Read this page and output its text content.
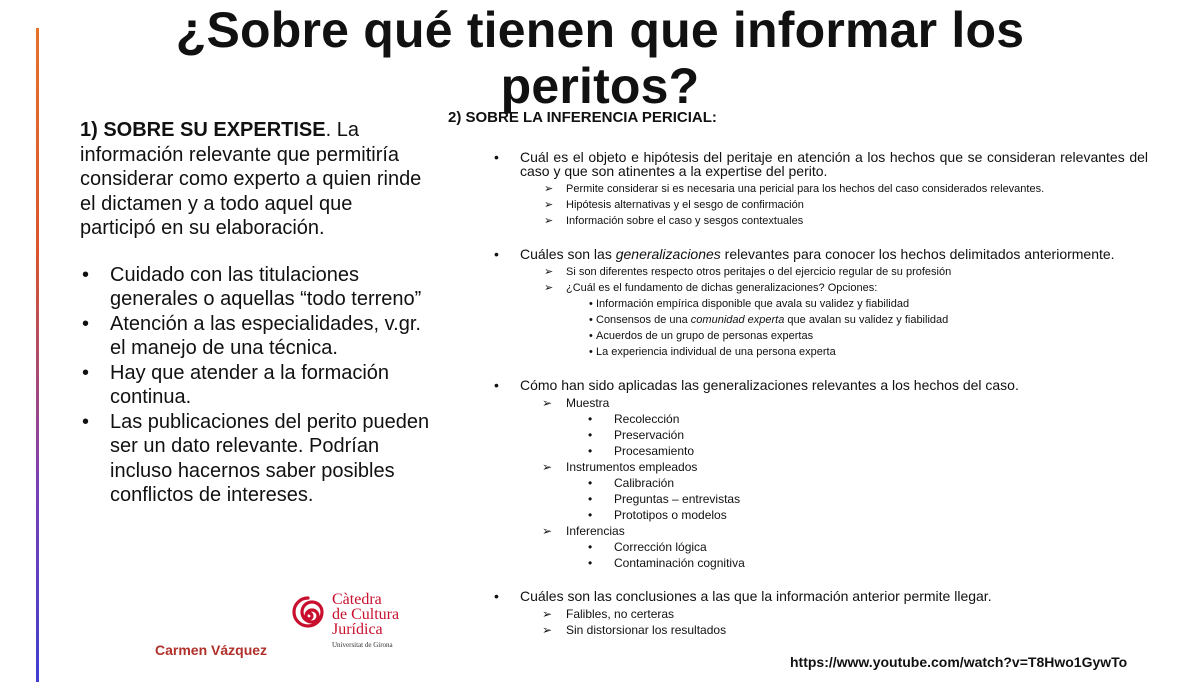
¿Sobre qué tienen que informar los peritos?

1) SOBRE SU EXPERTISE. La información relevante que permitiría considerar como experto a quien rinde el dictamen y a todo aquel que participó en su elaboración.

• Cuidado con las titulaciones generales o aquellas “todo terreno”
• Atención a las especialidades, v.gr. el manejo de una técnica.
• Hay que atender a la formación continua.
• Las publicaciones del perito pueden ser un dato relevante. Podrían incluso hacernos saber posibles conflictos de intereses.
2) SOBRE LA INFERENCIA PERICIAL:
• Cuál es el objeto e hipótesis del peritaje en atención a los hechos que se consideran relevantes del caso y que son atinentes a la expertise del perito.
➢ Permite considerar si es necesaria una pericial para los hechos del caso considerados relevantes.
➢ Hipótesis alternativas y el sesgo de confirmación
➢ Información sobre el caso y sesgos contextuales
• Cuáles son las generalizaciones relevantes para conocer los hechos delimitados anteriormente.
➢ Si son diferentes respecto otros peritajes o del ejercicio regular de su profesión
➢ ¿Cuál es el fundamento de dichas generalizaciones? Opciones:
• Información empírica disponible que avala su validez y fiabilidad
• Consensos de una comunidad experta que avalan su validez y fiabilidad
• Acuerdos de un grupo de personas expertas
• La experiencia individual de una persona experta
• Cómo han sido aplicadas las generalizaciones relevantes a los hechos del caso.
➢ Muestra
• Recolección
• Preservación
• Procesamiento
➢ Instrumentos empleados
• Calibración
• Preguntas – entrevistas
• Prototipos o modelos
➢ Inferencias
• Corrección lógica
• Contaminación cognitiva
• Cuáles son las conclusiones a las que la información anterior permite llegar.
➢ Falibles, no certeras
➢ Sin distorsionar los resultados
Càtedra
de Cultura
Jurídica
Universitat de Girona
Carmen Vázquez
https://www.youtube.com/watch?v=T8Hwo1GywTo
